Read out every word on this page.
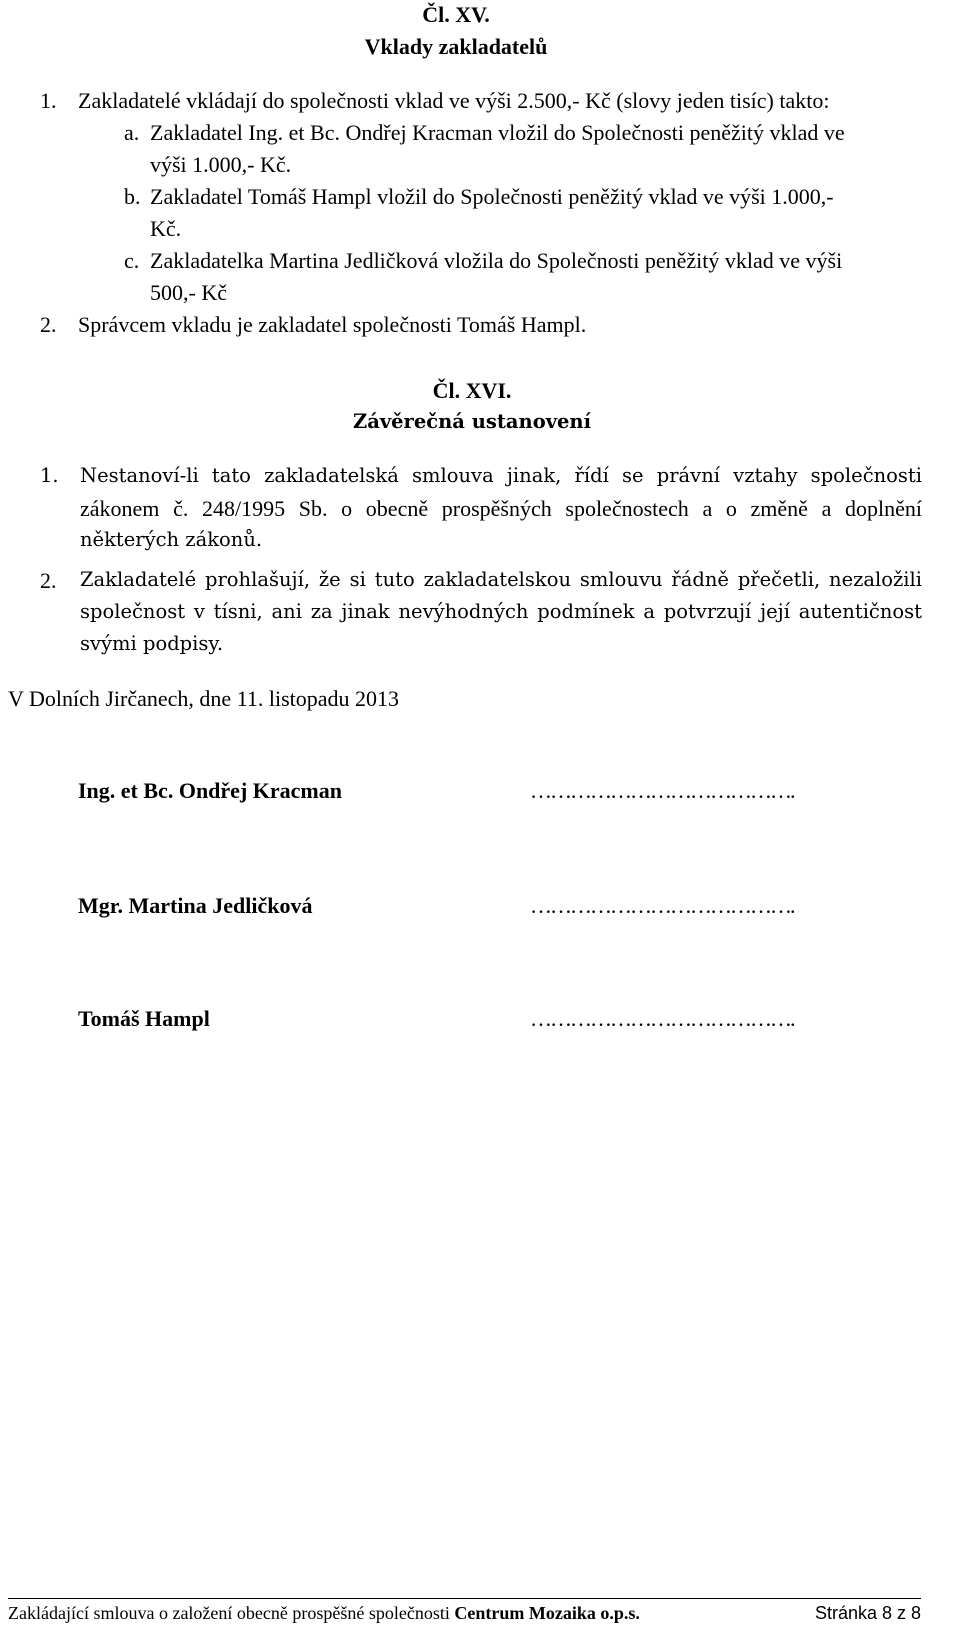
Čl. XV.

Vklady zakladatelů

1. Zakladatelé vkládají do společnosti vklad ve výši 2.500,- Kč (slovy jeden tisíc) takto:
a. Zakladatel Ing. et Bc. Ondřej Kracman vložil do Společnosti peněžitý vklad ve
výši 1.000,- Kč.
b. Zakladatel Tomáš Hampl vložil do Společnosti peněžitý vklad ve výši 1.000,-
Kč.
c. Zakladatelka Martina Jedličková vložila do Společnosti peněžitý vklad ve výši
500,- Kč
2. Správcem vkladu je zakladatel společnosti Tomáš Hampl.

Čl. XVI.

Závěrečná ustanovení

1. Nestanoví-li tato zakladatelská smlouva jinak, řídí se právní vztahy společnosti

zákonem č. 248/1995 Sb. o obecně prospěšných společnostech a o změně a doplnění

některých zákonů.
2. Zakladatelé prohlašují, že si tuto zakladatelskou smlouvu řádně přečetli, nezaložili

společnost v tísni, ani za jinak nevýhodných podmínek a potvrzují její autentičnost

svými podpisy.
V Dolních Jirčanech, dne 11. listopadu 2013
Ing. et Bc. Ondřej Kracman	………………………………….
Mgr. Martina Jedličková	………………………………….
Tomáš Hampl	………………………………….
Zakládající smlouva o založení obecně prospěšné společnosti Centrum Mozaika o.p.s.	Stránka 8 z 8
